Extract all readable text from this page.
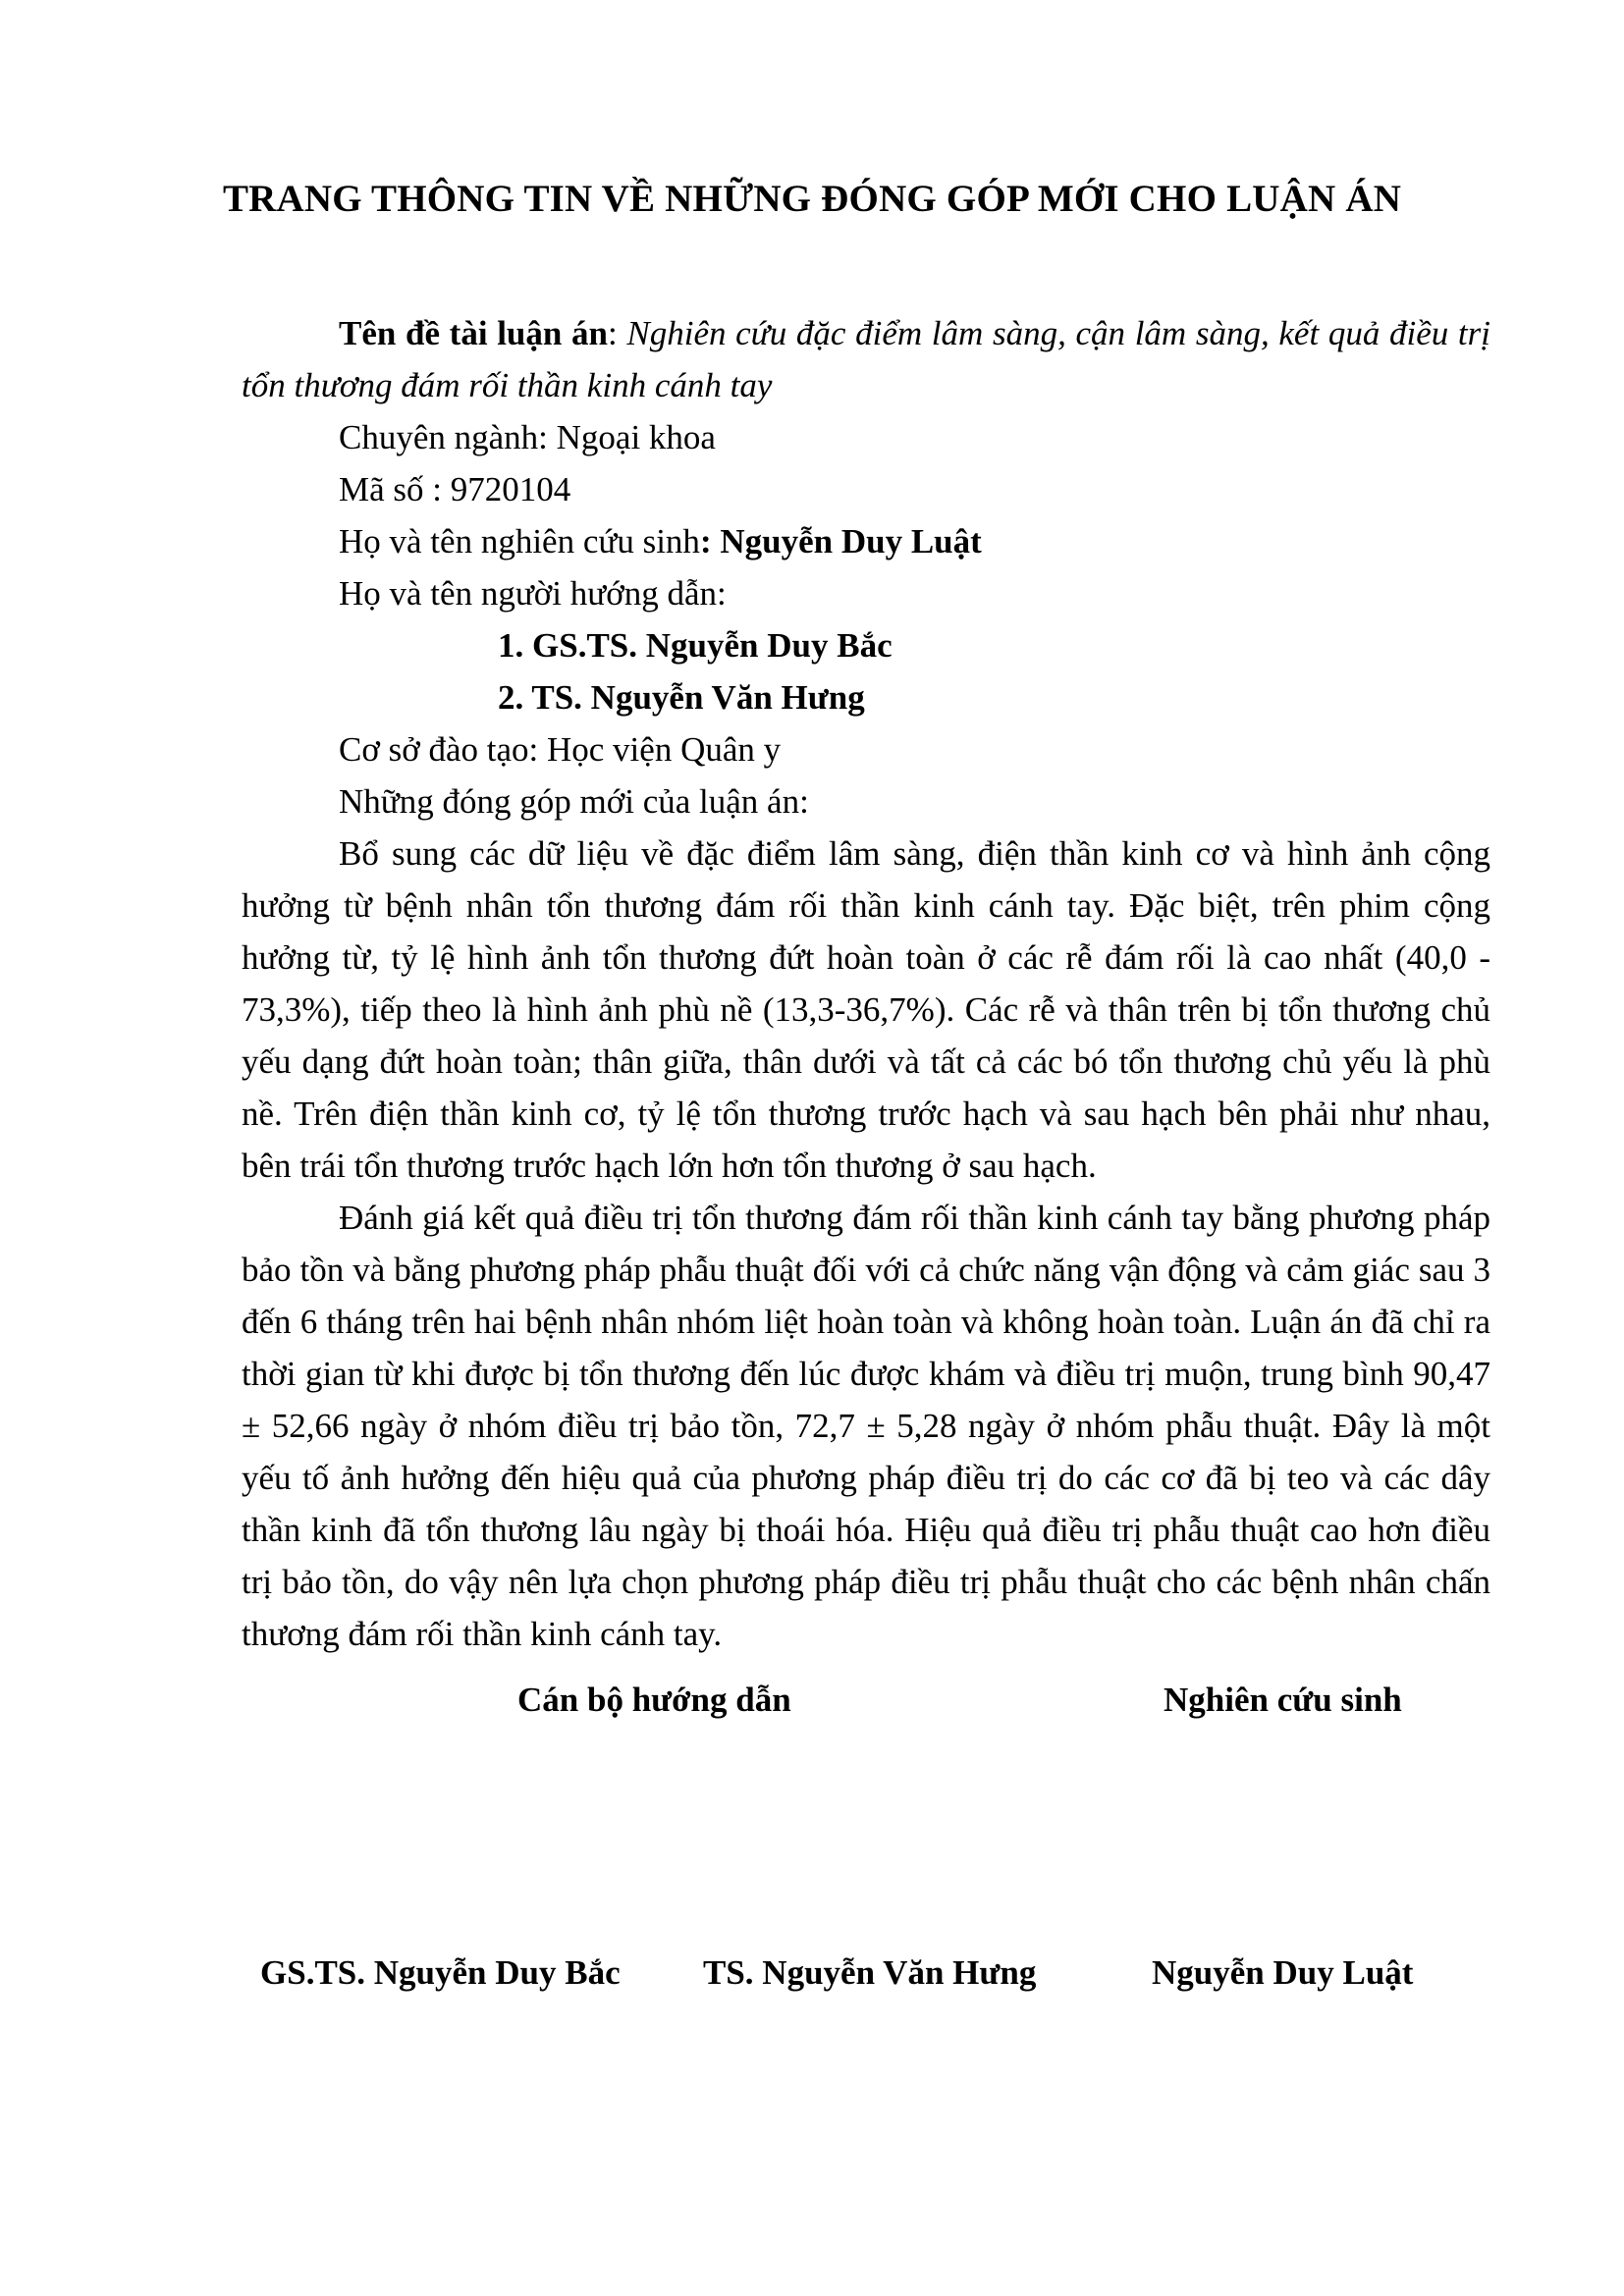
TRANG THÔNG TIN VỀ NHỮNG ĐÓNG GÓP MỚI CHO LUẬN ÁN

Tên đề tài luận án: Nghiên cứu đặc điểm lâm sàng, cận lâm sàng, kết quả điều trị tổn thương đám rối thần kinh cánh tay

Chuyên ngành: Ngoại khoa

Mã số : 9720104

Họ và tên nghiên cứu sinh: Nguyễn Duy Luật

Họ và tên người hướng dẫn:

1. GS.TS. Nguyễn Duy Bắc

2. TS. Nguyễn Văn Hưng

Cơ sở đào tạo: Học viện Quân y

Những đóng góp mới của luận án:

Bổ sung các dữ liệu về đặc điểm lâm sàng, điện thần kinh cơ và hình ảnh cộng hưởng từ bệnh nhân tổn thương đám rối thần kinh cánh tay. Đặc biệt, trên phim cộng hưởng từ, tỷ lệ hình ảnh tổn thương đứt hoàn toàn ở các rễ đám rối là cao nhất (40,0 - 73,3%), tiếp theo là hình ảnh phù nề (13,3-36,7%). Các rễ và thân trên bị tổn thương chủ yếu dạng đứt hoàn toàn; thân giữa, thân dưới và tất cả các bó tổn thương chủ yếu là phù nề. Trên điện thần kinh cơ, tỷ lệ tổn thương trước hạch và sau hạch bên phải như nhau, bên trái tổn thương trước hạch lớn hơn tổn thương ở sau hạch.

Đánh giá kết quả điều trị tổn thương đám rối thần kinh cánh tay bằng phương pháp bảo tồn và bằng phương pháp phẫu thuật đối với cả chức năng vận động và cảm giác sau 3 đến 6 tháng trên hai bệnh nhân nhóm liệt hoàn toàn và không hoàn toàn. Luận án đã chỉ ra thời gian từ khi được bị tổn thương đến lúc được khám và điều trị muộn, trung bình 90,47 ± 52,66 ngày ở nhóm điều trị bảo tồn, 72,7 ± 5,28 ngày ở nhóm phẫu thuật. Đây là một yếu tố ảnh hưởng đến hiệu quả của phương pháp điều trị do các cơ đã bị teo và các dây thần kinh đã tổn thương lâu ngày bị thoái hóa. Hiệu quả điều trị phẫu thuật cao hơn điều trị bảo tồn, do vậy nên lựa chọn phương pháp điều trị phẫu thuật cho các bệnh nhân chấn thương đám rối thần kinh cánh tay.

Cán bộ hướng dẫn	Nghiên cứu sinh
GS.TS. Nguyễn Duy Bắc TS. Nguyễn Văn Hưng	Nguyễn Duy Luật
